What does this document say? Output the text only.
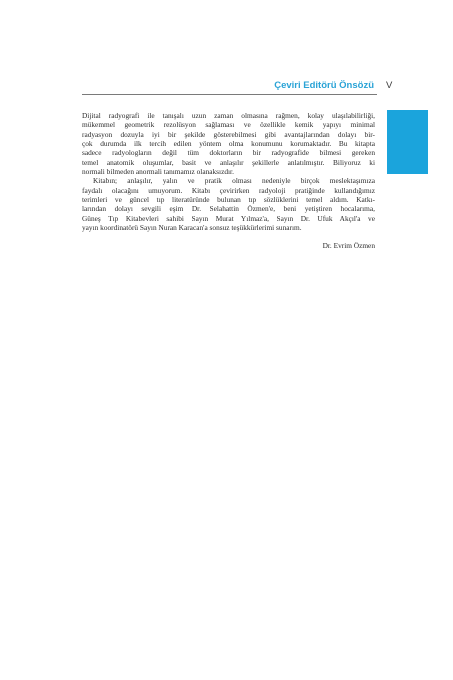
Çeviri Editörü Önsözü V

Dijital radyografi ile tanışalı uzun zaman olmasına rağmen, kolay ulaşılabilirliği,
mükemmel geometrik rezolüsyon sağlaması ve özellikle kemik yapıyı minimal
radyasyon dozuyla iyi bir şekilde gösterebilmesi gibi avantajlarından dolayı bir-
çok durumda ilk tercih edilen yöntem olma konumunu korumaktadır. Bu kitapta
sadece radyologların değil tüm doktorların bir radyografide bilmesi gereken
temel anatomik oluşumlar, basit ve anlaşılır şekillerle anlatılmıştır. Biliyoruz ki
normali bilmeden anormali tanımamız olanaksızdır.

Kitabın; anlaşılır, yalın ve pratik olması nedeniyle birçok meslektaşımıza
faydalı olacağını umuyorum. Kitabı çevirirken radyoloji pratiğinde kullandığımız
terimleri ve güncel tıp literatüründe bulunan tıp sözlüklerini temel aldım. Katkı-
larından dolayı sevgili eşim Dr. Selahattin Özmen'e, beni yetiştiren hocalarıma,
Güneş Tıp Kitabevleri sahibi Sayın Murat Yılmaz'a, Sayın Dr. Ufuk Akçıl'a ve
yayın koordinatörü Sayın Nuran Karacan'a sonsuz teşükkürlerimi sunarım.

Dr. Evrim Özmen
